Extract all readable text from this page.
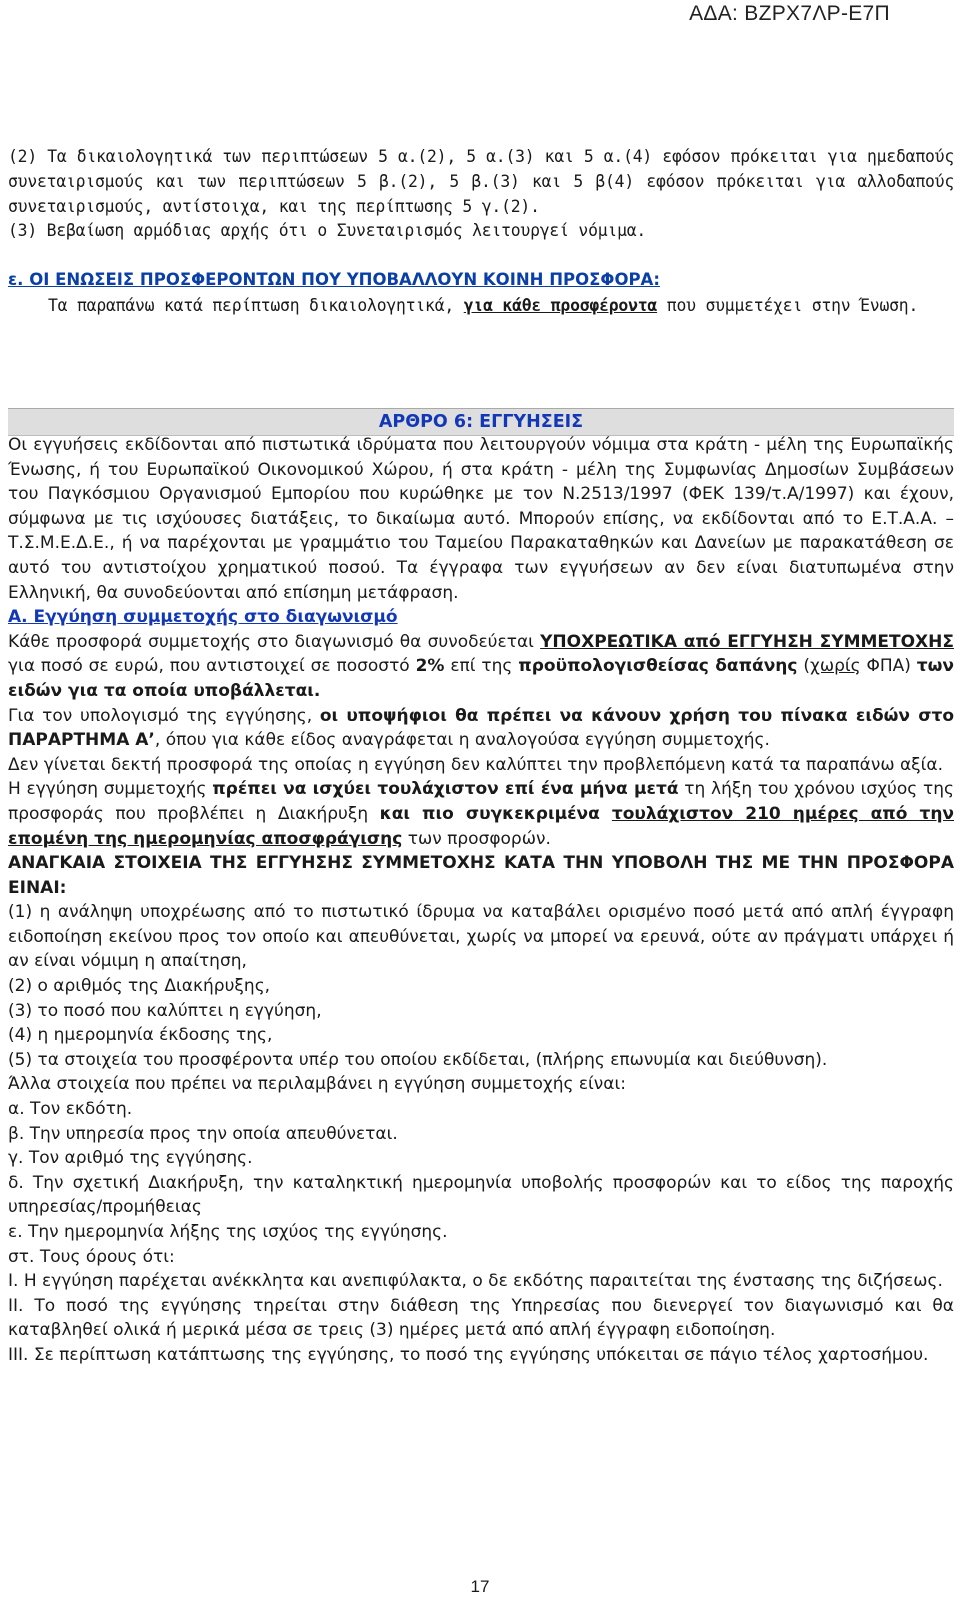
ΑΔΑ: ΒΖΡΧ7ΛΡ-Ε7Π

(2) Τα δικαιολογητικά των περιπτώσεων 5 α.(2), 5 α.(3) και 5 α.(4) εφόσον πρόκειται για ημεδαπούς συνεταιρισμούς και των περιπτώσεων 5 β.(2), 5 β.(3) και 5 β(4) εφόσον πρόκειται για αλλοδαπούς συνεταιρισμούς, αντίστοιχα, και της περίπτωσης 5 γ.(2).

(3) Βεβαίωση αρμόδιας αρχής ότι ο Συνεταιρισμός λειτουργεί νόμιμα.

ε. ΟΙ ΕΝΩΣΕΙΣ ΠΡΟΣΦΕΡΟΝΤΩΝ ΠΟΥ ΥΠΟΒΑΛΛΟΥΝ ΚΟΙΝΗ ΠΡΟΣΦΟΡΑ:

Τα παραπάνω κατά περίπτωση δικαιολογητικά, για κάθε προσφέροντα που συμμετέχει στην Ένωση.

ΑΡΘΡΟ 6: ΕΓΓΥΗΣΕΙΣ

Οι εγγυήσεις εκδίδονται από πιστωτικά ιδρύματα που λειτουργούν νόμιμα στα κράτη - μέλη της Ευρωπαϊκής Ένωσης, ή του Ευρωπαϊκού Οικονομικού Χώρου, ή στα κράτη - μέλη της Συμφωνίας Δημοσίων Συμβάσεων του Παγκόσμιου Οργανισμού Εμπορίου που κυρώθηκε με τον Ν.2513/1997 (ΦΕΚ 139/τ.Α/1997) και έχουν, σύμφωνα με τις ισχύουσες διατάξεις, το δικαίωμα αυτό. Μπορούν επίσης, να εκδίδονται από το Ε.Τ.Α.Α. – Τ.Σ.Μ.Ε.Δ.Ε., ή να παρέχονται με γραμμάτιο του Ταμείου Παρακαταθηκών και Δανείων με παρακατάθεση σε αυτό του αντιστοίχου χρηματικού ποσού. Τα έγγραφα των εγγυήσεων αν δεν είναι διατυπωμένα στην Ελληνική, θα συνοδεύονται από επίσημη μετάφραση.

Α. Εγγύηση συμμετοχής στο διαγωνισμό

Κάθε προσφορά συμμετοχής στο διαγωνισμό θα συνοδεύεται ΥΠΟΧΡΕΩΤΙΚΑ από ΕΓΓΥΗΣΗ ΣΥΜΜΕΤΟΧΗΣ για ποσό σε ευρώ, που αντιστοιχεί σε ποσοστό 2% επί της προϋπολογισθείσας δαπάνης (χωρίς ΦΠΑ) των ειδών για τα οποία υποβάλλεται.

Για τον υπολογισμό της εγγύησης, οι υποψήφιοι θα πρέπει να κάνουν χρήση του πίνακα ειδών στο ΠΑΡΑΡΤΗΜΑ Α’, όπου για κάθε είδος αναγράφεται η αναλογούσα εγγύηση συμμετοχής.

Δεν γίνεται δεκτή προσφορά της οποίας η εγγύηση δεν καλύπτει την προβλεπόμενη κατά τα παραπάνω αξία.

Η εγγύηση συμμετοχής πρέπει να ισχύει τουλάχιστον επί ένα μήνα μετά τη λήξη του χρόνου ισχύος της προσφοράς που προβλέπει η Διακήρυξη και πιο συγκεκριμένα τουλάχιστον 210 ημέρες από την επομένη της ημερομηνίας αποσφράγισης των προσφορών.

ΑΝΑΓΚΑΙΑ ΣΤΟΙΧΕΙΑ ΤΗΣ ΕΓΓΥΗΣΗΣ ΣΥΜΜΕΤΟΧΗΣ ΚΑΤΑ ΤΗΝ ΥΠΟΒΟΛΗ ΤΗΣ ΜΕ ΤΗΝ ΠΡΟΣΦΟΡΑ ΕΙΝΑΙ:

(1) η ανάληψη υποχρέωσης από το πιστωτικό ίδρυμα να καταβάλει ορισμένο ποσό μετά από απλή έγγραφη ειδοποίηση εκείνου προς τον οποίο και απευθύνεται, χωρίς να μπορεί να ερευνά, ούτε αν πράγματι υπάρχει ή αν είναι νόμιμη η απαίτηση,

(2) ο αριθμός της Διακήρυξης,

(3) το ποσό που καλύπτει η εγγύηση,

(4) η ημερομηνία έκδοσης της,

(5) τα στοιχεία του προσφέροντα υπέρ του οποίου εκδίδεται, (πλήρης επωνυμία και διεύθυνση).

Άλλα στοιχεία που πρέπει να περιλαμβάνει η εγγύηση συμμετοχής είναι:

α. Τον εκδότη.

β. Την υπηρεσία προς την οποία απευθύνεται.

γ. Τον αριθμό της εγγύησης.

δ. Την σχετική Διακήρυξη, την καταληκτική ημερομηνία υποβολής προσφορών και το είδος της παροχής υπηρεσίας/προμήθειας

ε. Την ημερομηνία λήξης της ισχύος της εγγύησης.

στ. Τους όρους ότι:

Ι. Η εγγύηση παρέχεται ανέκκλητα και ανεπιφύλακτα, ο δε εκδότης παραιτείται της ένστασης της διζήσεως.

ΙΙ. Το ποσό της εγγύησης τηρείται στην διάθεση της Υπηρεσίας που διενεργεί τον διαγωνισμό και θα καταβληθεί ολικά ή μερικά μέσα σε τρεις (3) ημέρες μετά από απλή έγγραφη ειδοποίηση.

ΙΙΙ. Σε περίπτωση κατάπτωσης της εγγύησης, το ποσό της εγγύησης υπόκειται σε πάγιο τέλος χαρτοσήμου.

17
